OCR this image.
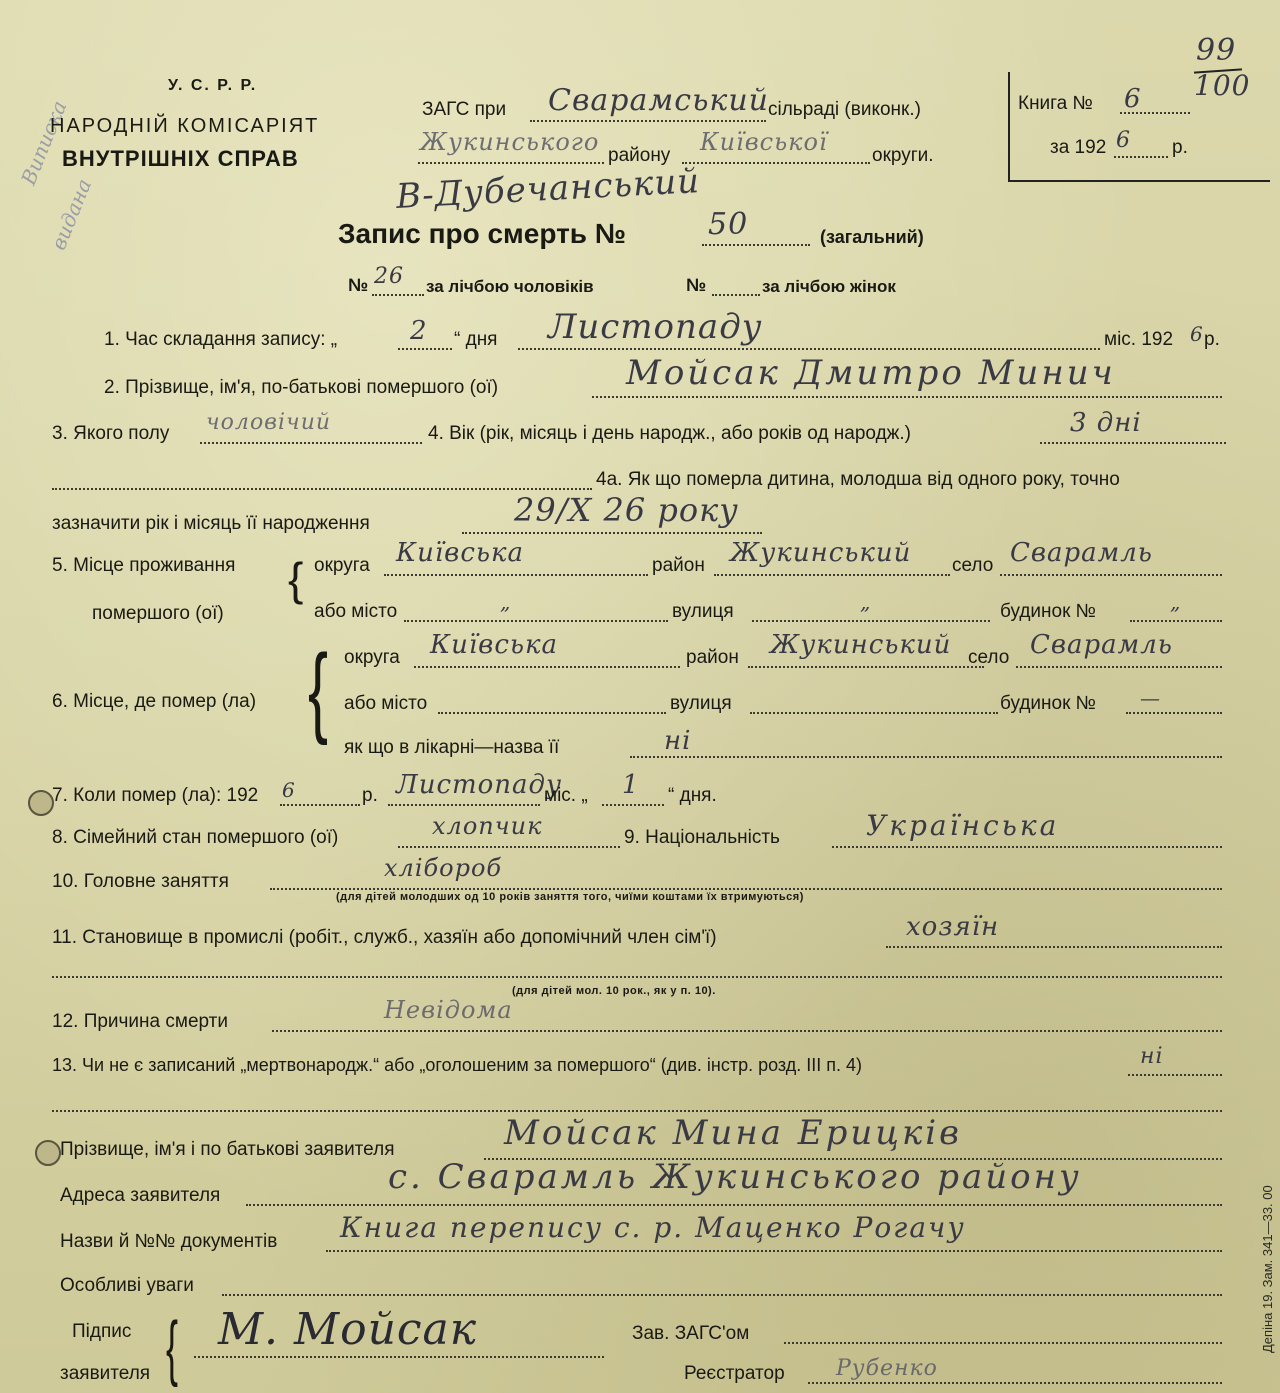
Виписка
видана
У. С. Р. Р.
НАРОДНІЙ КОМІСАРІЯТ
ВНУТРІШНІХ СПРАВ
ЗАГС при Сварамський сільраді (виконк.)
Жукинського району Київської округи.
В-Дубечанський
Книга № 6
за 192 6 р.
99
100
Запис про смерть №	50	(загальний)
№ 26 за лічбою чоловіків	№	за лічбою жінок
1. Час складання запису: „	2 “ дня Листопаду	міс. 192 6 р.
2. Прізвище, ім'я, по-батькові помершого (ої)	Мойсак Дмитро Минич
3. Якого полу чоловічий	4. Вік (рік, місяць і день народж., або років од народж.)	3 дні
4а. Як що померла дитина, молодша від одного року, точно
зазначити рік і місяць її народження	29/X 26 року
5. Місце проживання
помершого (ої)
{ округа Київська	район Жукинський село Сварамль
або місто	„	вулиця	„	будинок №	„
6. Місце, де помер (ла) { округа Київська	район Жукинський село Сварамль
або місто	вулиця	будинок № —
як що в лікарні—назва її	ні
7. Коли помер (ла): 192 6	р. Листопаду
міс. „ 1 “ дня.
8. Сімейний стан помершого (ої)	хлопчик	9. Національність	Українська
10. Головне заняття	хлібороб
(для дітей молодших од 10 років заняття того, чиїми коштами їх втримуються)
11. Становище в промислі (робіт., служб., хазяїн або допомічний член сім'ї)	хозяїн
(для дітей мол. 10 рок., як у п. 10).
12. Причина смерти	Невідома
13. Чи не є записаний „мертвонародж.“ або „оголошеним за помершого“ (див. інстр. розд. ІІІ п. 4)	ні
Прізвище, ім'я і по батькові заявителя	Мойсак Мина Ерицків
Адреса заявителя	с. Сварамль Жукинського району
Назви й №№ документів Книга перепису с. р. Маценко Рогачу
Особливі уваги
Підпис
заявителя { М. Мойсак	Зав. ЗАГС'ом
Реєстратор Рубенко
Депіна 19. Зам. 341—33. 00
